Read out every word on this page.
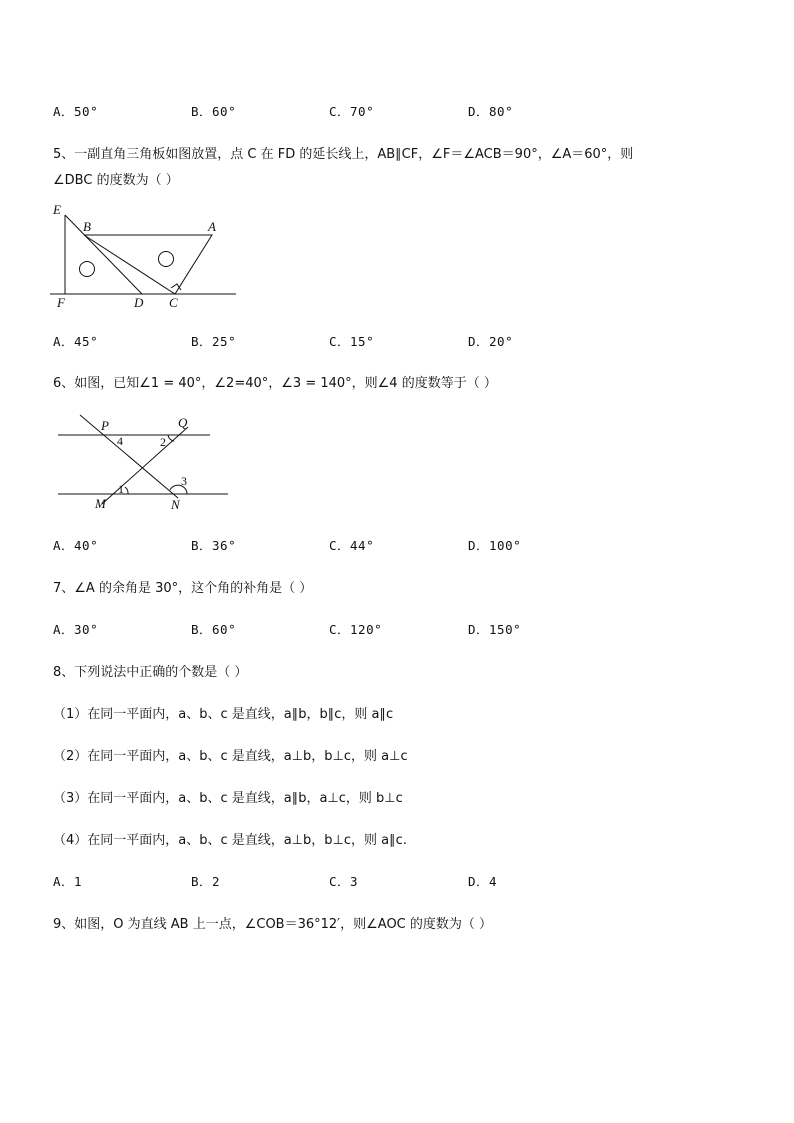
A．50°	B．60°	C．70°	D．80°
5、一副直角三角板如图放置，点 C 在 FD 的延长线上，AB∥CF，∠F＝∠ACB＝90°，∠A＝60°，则
∠DBC 的度数为（ ）
E
B	A
F	D C
A．45°	B．25°	C．15°	D．20°
6、如图，已知∠1 = 40°，∠2=40°，∠3 = 140°，则∠4 的度数等于（ ）
P	Q
M	N
1
2
3
4
A．40°	B．36°	C．44°	D．100°
7、∠A 的余角是 30°，这个角的补角是（ ）
A．30°	B．60°	C．120°	D．150°
8、下列说法中正确的个数是（ ）
（1）在同一平面内，a、b、c 是直线，a∥b，b∥c，则 a∥c
（2）在同一平面内，a、b、c 是直线，a⊥b，b⊥c，则 a⊥c
（3）在同一平面内，a、b、c 是直线，a∥b，a⊥c，则 b⊥c
（4）在同一平面内，a、b、c 是直线，a⊥b，b⊥c，则 a∥c.
A．1	B．2	C．3	D．4
9、如图，O 为直线 AB 上一点，∠COB＝36°12′，则∠AOC 的度数为（ ）
